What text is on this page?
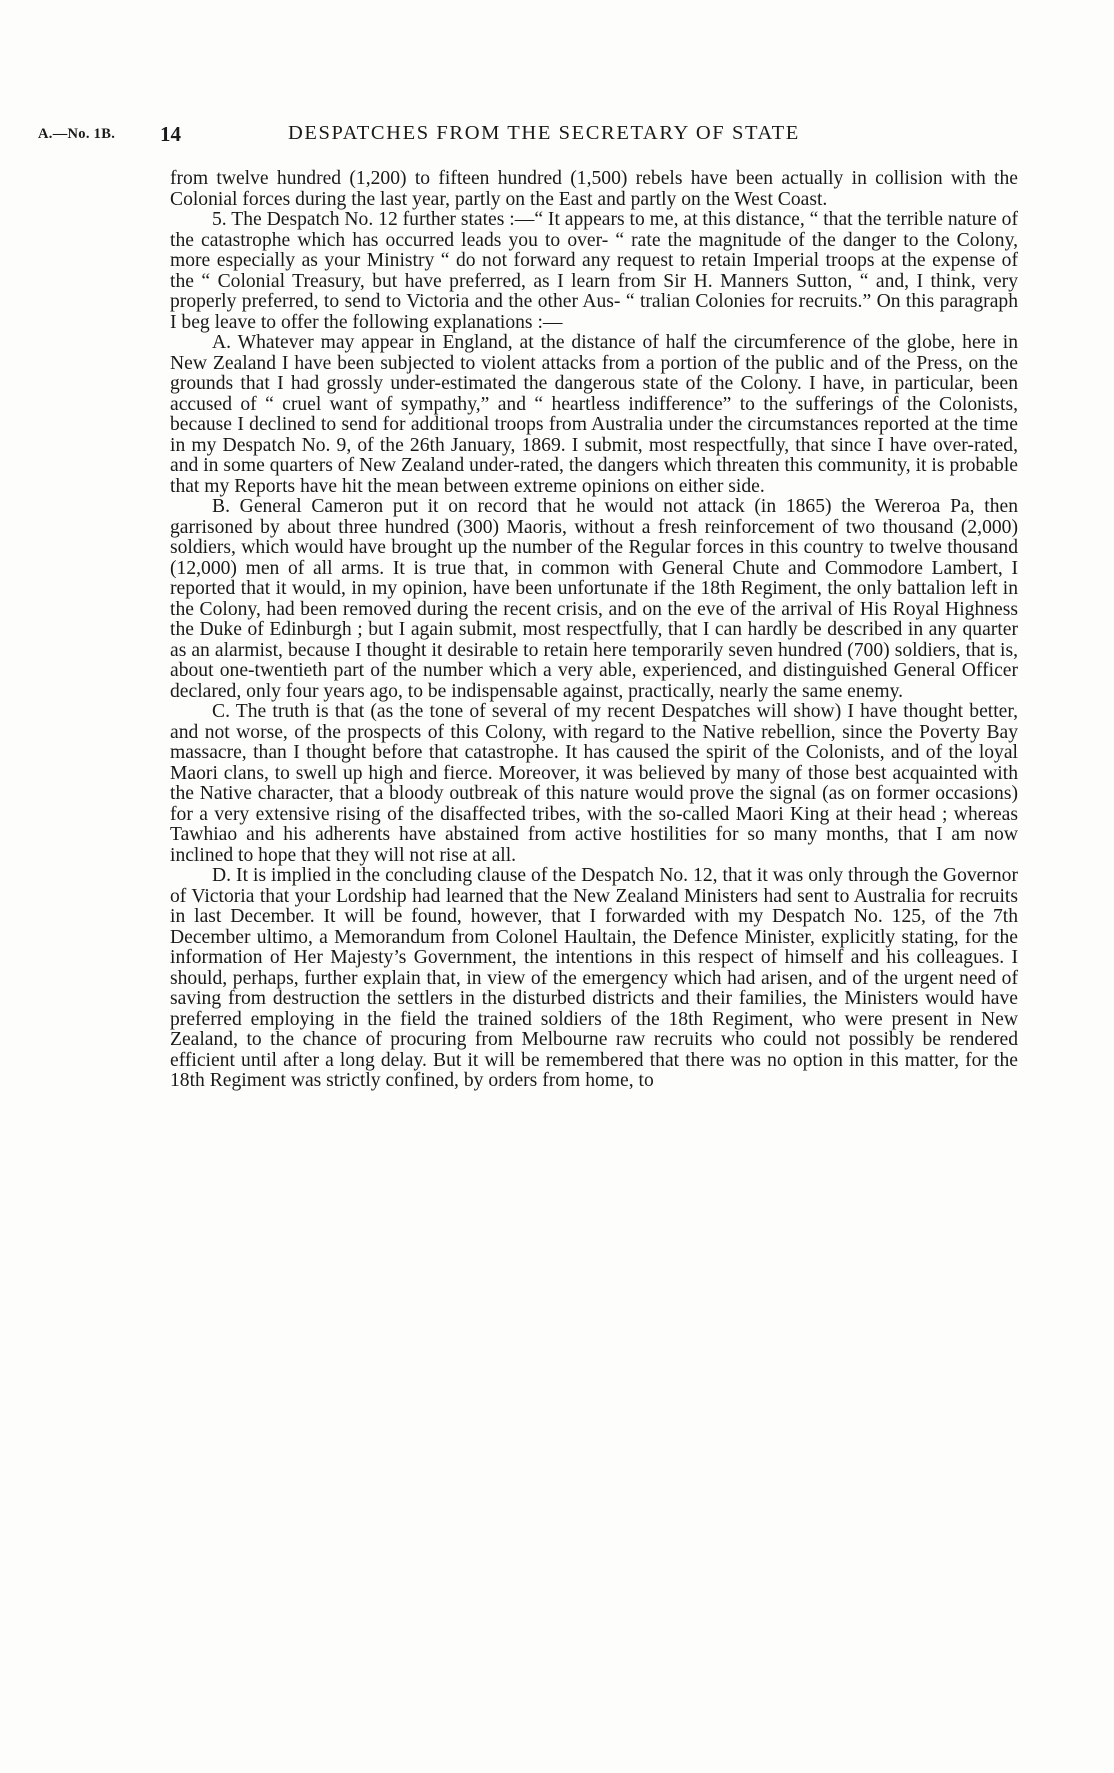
A.—No. 1B. 14	DESPATCHES FROM THE SECRETARY OF STATE

from twelve hundred (1,200) to fifteen hundred (1,500) rebels have been actually in collision with the Colonial forces during the last year, partly on the East and partly on the West Coast.

5. The Despatch No. 12 further states :—“ It appears to me, at this distance, “ that the terrible nature of the catastrophe which has occurred leads you to over- “ rate the magnitude of the danger to the Colony, more especially as your Ministry “ do not forward any request to retain Imperial troops at the expense of the “ Colonial Treasury, but have preferred, as I learn from Sir H. Manners Sutton, “ and, I think, very properly preferred, to send to Victoria and the other Aus- “ tralian Colonies for recruits.” On this paragraph I beg leave to offer the following explanations :—

A. Whatever may appear in England, at the distance of half the circumference of the globe, here in New Zealand I have been subjected to violent attacks from a portion of the public and of the Press, on the grounds that I had grossly under-estimated the dangerous state of the Colony. I have, in particular, been accused of “ cruel want of sympathy,” and “ heartless indifference” to the sufferings of the Colonists, because I declined to send for additional troops from Australia under the circumstances reported at the time in my Despatch No. 9, of the 26th January, 1869. I submit, most respectfully, that since I have over-rated, and in some quarters of New Zealand under-rated, the dangers which threaten this community, it is probable that my Reports have hit the mean between extreme opinions on either side.

B. General Cameron put it on record that he would not attack (in 1865) the Wereroa Pa, then garrisoned by about three hundred (300) Maoris, without a fresh reinforcement of two thousand (2,000) soldiers, which would have brought up the number of the Regular forces in this country to twelve thousand (12,000) men of all arms. It is true that, in common with General Chute and Commodore Lambert, I reported that it would, in my opinion, have been unfortunate if the 18th Regiment, the only battalion left in the Colony, had been removed during the recent crisis, and on the eve of the arrival of His Royal Highness the Duke of Edinburgh ; but I again submit, most respectfully, that I can hardly be described in any quarter as an alarmist, because I thought it desirable to retain here temporarily seven hundred (700) soldiers, that is, about one-twentieth part of the number which a very able, experienced, and distinguished General Officer declared, only four years ago, to be indispensable against, practically, nearly the same enemy.

C. The truth is that (as the tone of several of my recent Despatches will show) I have thought better, and not worse, of the prospects of this Colony, with regard to the Native rebellion, since the Poverty Bay massacre, than I thought before that catastrophe. It has caused the spirit of the Colonists, and of the loyal Maori clans, to swell up high and fierce. Moreover, it was believed by many of those best acquainted with the Native character, that a bloody outbreak of this nature would prove the signal (as on former occasions) for a very extensive rising of the disaffected tribes, with the so-called Maori King at their head ; whereas Tawhiao and his adherents have abstained from active hostilities for so many months, that I am now inclined to hope that they will not rise at all.

D. It is implied in the concluding clause of the Despatch No. 12, that it was only through the Governor of Victoria that your Lordship had learned that the New Zealand Ministers had sent to Australia for recruits in last December. It will be found, however, that I forwarded with my Despatch No. 125, of the 7th December ultimo, a Memorandum from Colonel Haultain, the Defence Minister, explicitly stating, for the information of Her Majesty’s Government, the intentions in this respect of himself and his colleagues. I should, perhaps, further explain that, in view of the emergency which had arisen, and of the urgent need of saving from destruction the settlers in the disturbed districts and their families, the Ministers would have preferred employing in the field the trained soldiers of the 18th Regiment, who were present in New Zealand, to the chance of procuring from Melbourne raw recruits who could not possibly be rendered efficient until after a long delay. But it will be remembered that there was no option in this matter, for the 18th Regiment was strictly confined, by orders from home, to
